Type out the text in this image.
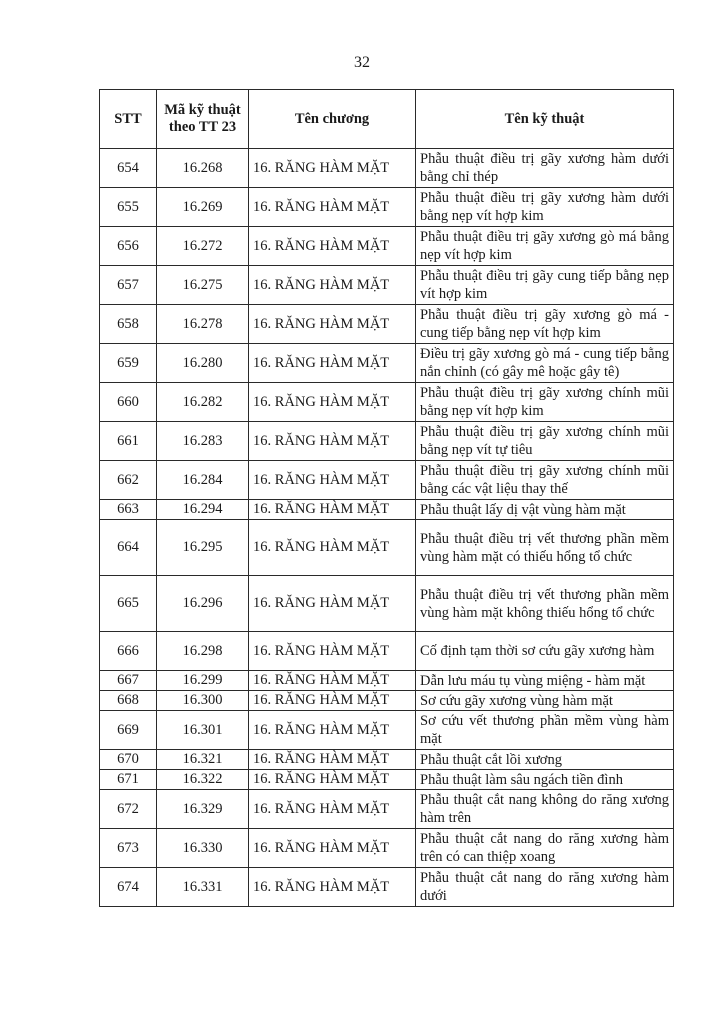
32
STT	Mã kỹ thuật theo TT 23	Tên chương	Tên kỹ thuật
654	16.268	16. RĂNG HÀM MẶT	Phẫu thuật điều trị gãy xương hàm dưới bằng chỉ thép
655	16.269	16. RĂNG HÀM MẶT	Phẫu thuật điều trị gãy xương hàm dưới bằng nẹp vít hợp kim
656	16.272	16. RĂNG HÀM MẶT	Phẫu thuật điều trị gãy xương gò má bằng nẹp vít hợp kim
657	16.275	16. RĂNG HÀM MẶT	Phẫu thuật điều trị gãy cung tiếp bằng nẹp vít hợp kim
658	16.278	16. RĂNG HÀM MẶT	Phẫu thuật điều trị gãy xương gò má - cung tiếp bằng nẹp vít hợp kim
659	16.280	16. RĂNG HÀM MẶT	Điều trị gãy xương gò má - cung tiếp bằng nắn chỉnh (có gây mê hoặc gây tê)
660	16.282	16. RĂNG HÀM MẶT	Phẫu thuật điều trị gãy xương chính mũi bằng nẹp vít hợp kim
661	16.283	16. RĂNG HÀM MẶT	Phẫu thuật điều trị gãy xương chính mũi bằng nẹp vít tự tiêu
662	16.284	16. RĂNG HÀM MẶT	Phẫu thuật điều trị gãy xương chính mũi bằng các vật liệu thay thế
663	16.294	16. RĂNG HÀM MẶT	Phẫu thuật lấy dị vật vùng hàm mặt
664	16.295	16. RĂNG HÀM MẶT	Phẫu thuật điều trị vết thương phần mềm vùng hàm mặt có thiếu hổng tổ chức
665	16.296	16. RĂNG HÀM MẶT	Phẫu thuật điều trị vết thương phần mềm vùng hàm mặt không thiếu hổng tổ chức
666	16.298	16. RĂNG HÀM MẶT	Cố định tạm thời sơ cứu gãy xương hàm
667	16.299	16. RĂNG HÀM MẶT	Dẫn lưu máu tụ vùng miệng - hàm mặt
668	16.300	16. RĂNG HÀM MẶT	Sơ cứu gãy xương vùng hàm mặt
669	16.301	16. RĂNG HÀM MẶT	Sơ cứu vết thương phần mềm vùng hàm mặt
670	16.321	16. RĂNG HÀM MẶT	Phẫu thuật cắt lồi xương
671	16.322	16. RĂNG HÀM MẶT	Phẫu thuật làm sâu ngách tiền đình
672	16.329	16. RĂNG HÀM MẶT	Phẫu thuật cắt nang không do răng xương hàm trên
673	16.330	16. RĂNG HÀM MẶT	Phẫu thuật cắt nang do răng xương hàm trên có can thiệp xoang
674	16.331	16. RĂNG HÀM MẶT	Phẫu thuật cắt nang do răng xương hàm dưới
